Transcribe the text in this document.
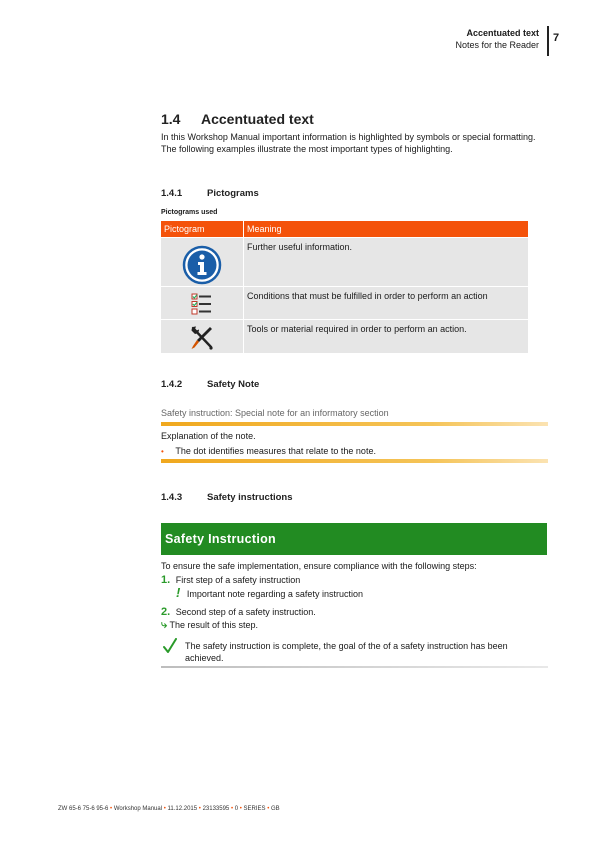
Accentuated text
Notes for the Reader
7
1.4 Accentuated text
In this Workshop Manual important information is highlighted by symbols or special formatting. The following examples illustrate the most important types of highlighting.
1.4.1	Pictograms
Pictograms used
Pictogram	Meaning

	Further useful information.

	Conditions that must be fulfilled in order to perform an action

	Tools or material required in order to perform an action.
1.4.2	Safety Note
Safety instruction: Special note for an informatory section
Explanation of the note.
• The dot identifies measures that relate to the note.
1.4.3	Safety instructions
Safety Instruction
To ensure the safe implementation, ensure compliance with the following steps:
1. First step of a safety instruction
! Important note regarding a safety instruction
2. Second step of a safety instruction.
⤷ The result of this step.
The safety instruction is complete, the goal of the of a safety instruction has been achieved.
ZW 65-6 75-6 95-6 • Workshop Manual • 11.12.2015 • 23133595 • 0 • SERIES • GB
